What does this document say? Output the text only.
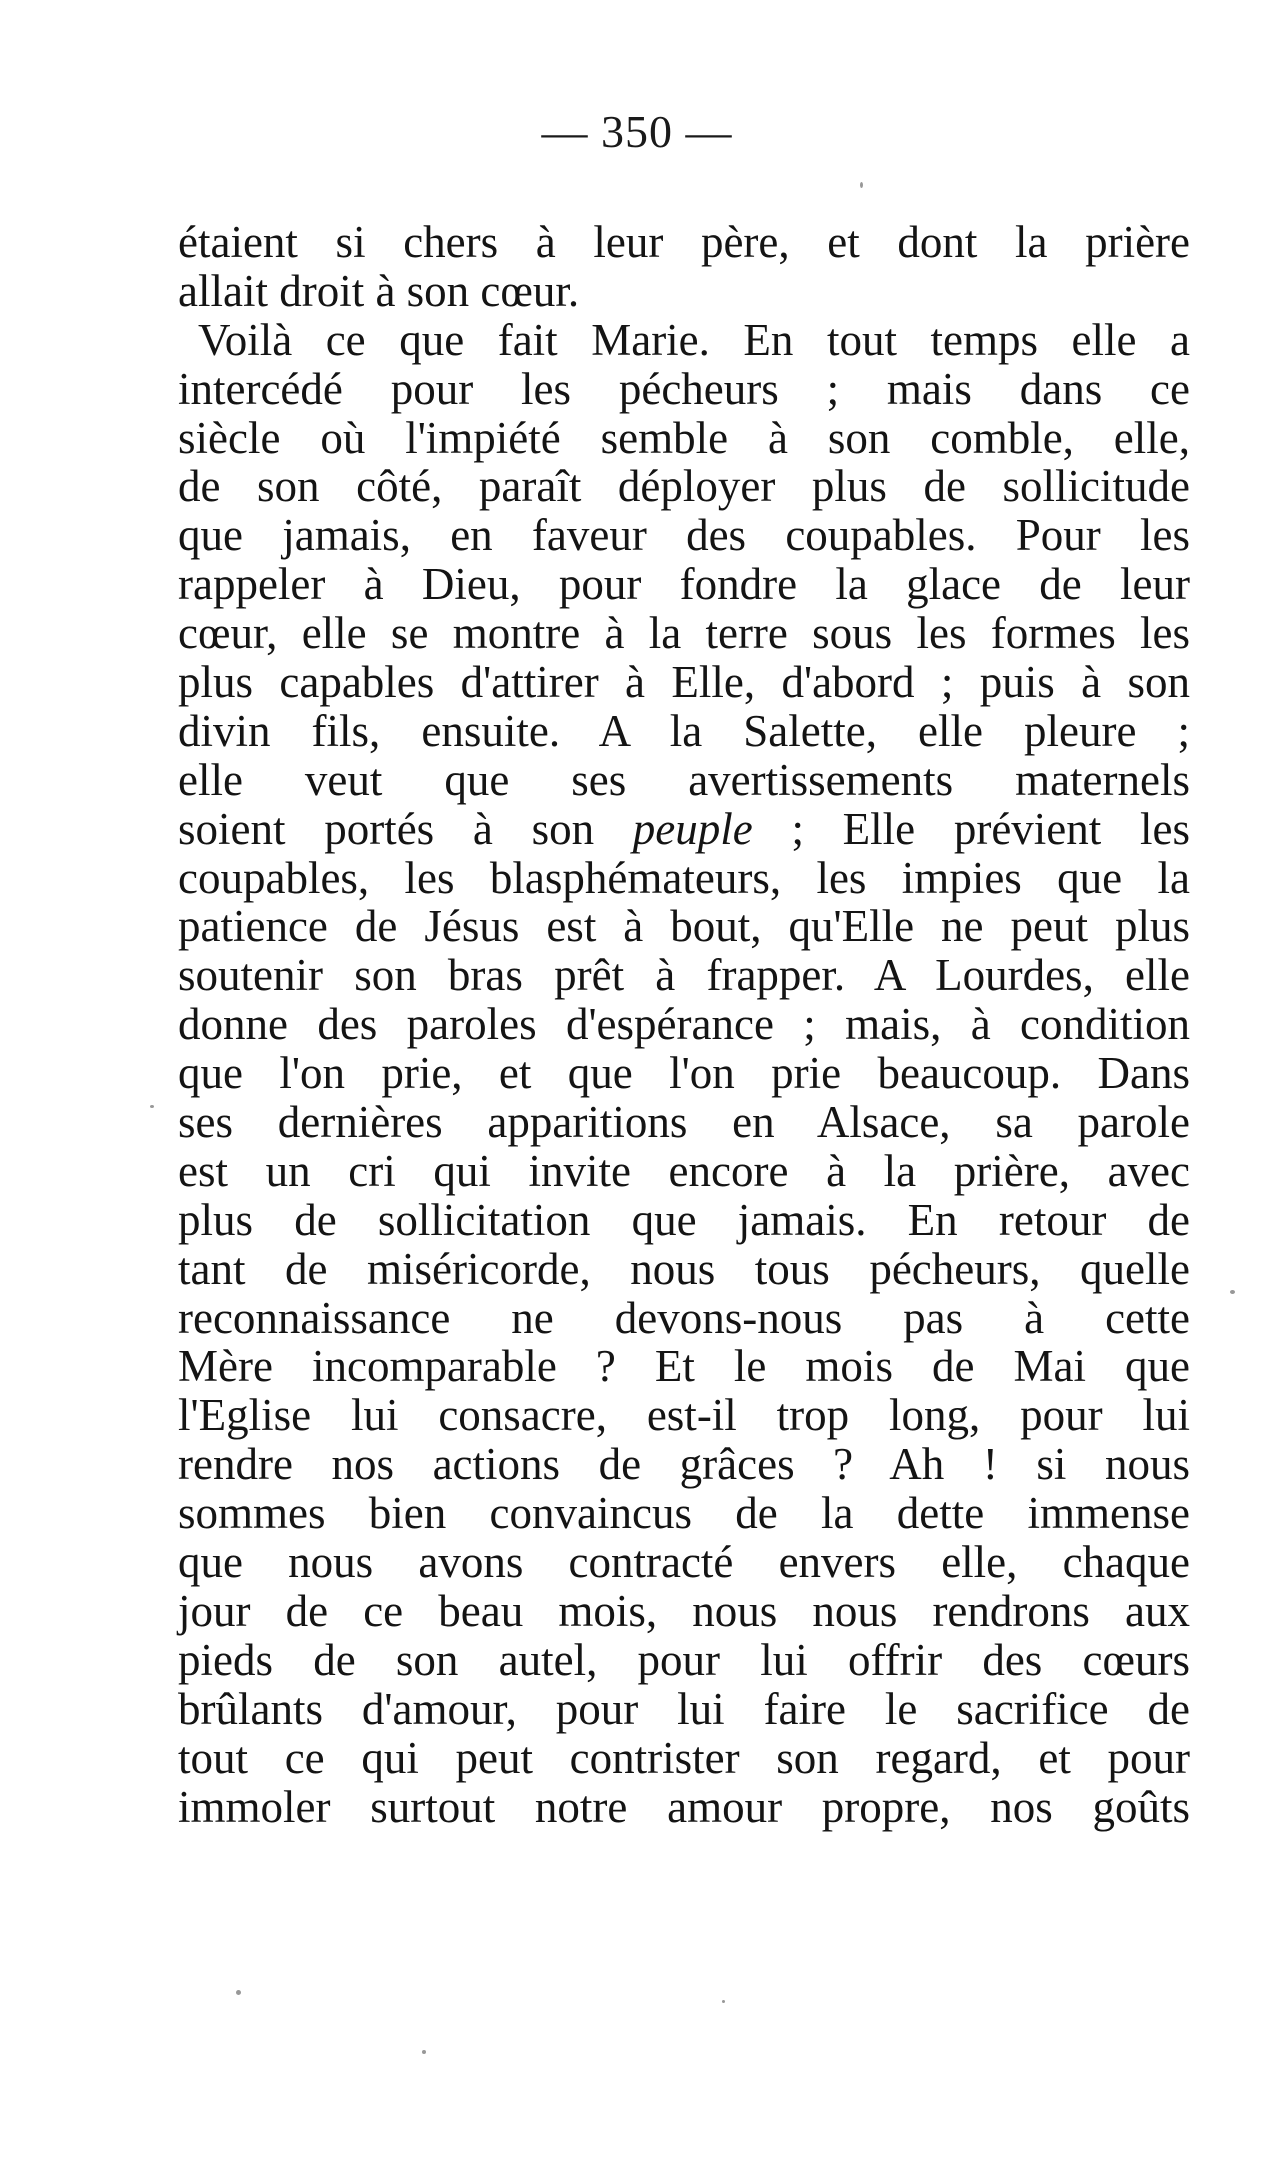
— 350 —
étaient si chers à leur père, et dont la prière
allait droit à son cœur.
Voilà ce que fait Marie. En tout temps elle a
intercédé pour les pécheurs ; mais dans ce
siècle où l'impiété semble à son comble, elle,
de son côté, paraît déployer plus de sollicitude
que jamais, en faveur des coupables. Pour les
rappeler à Dieu, pour fondre la glace de leur
cœur, elle se montre à la terre sous les formes les
plus capables d'attirer à Elle, d'abord ; puis à son
divin fils, ensuite. A la Salette, elle pleure ;
elle veut que ses avertissements maternels
soient portés à son peuple ; Elle prévient les
coupables, les blasphémateurs, les impies que la
patience de Jésus est à bout, qu'Elle ne peut plus
soutenir son bras prêt à frapper. A Lourdes, elle
donne des paroles d'espérance ; mais, à condition
que l'on prie, et que l'on prie beaucoup. Dans
ses dernières apparitions en Alsace, sa parole
est un cri qui invite encore à la prière, avec
plus de sollicitation que jamais. En retour de
tant de miséricorde, nous tous pécheurs, quelle
reconnaissance ne devons-nous pas à cette
Mère incomparable ? Et le mois de Mai que
l'Eglise lui consacre, est-il trop long, pour lui
rendre nos actions de grâces ? Ah ! si nous
sommes bien convaincus de la dette immense
que nous avons contracté envers elle, chaque
jour de ce beau mois, nous nous rendrons aux
pieds de son autel, pour lui offrir des cœurs
brûlants d'amour, pour lui faire le sacrifice de
tout ce qui peut contrister son regard, et pour
immoler surtout notre amour propre, nos goûts
